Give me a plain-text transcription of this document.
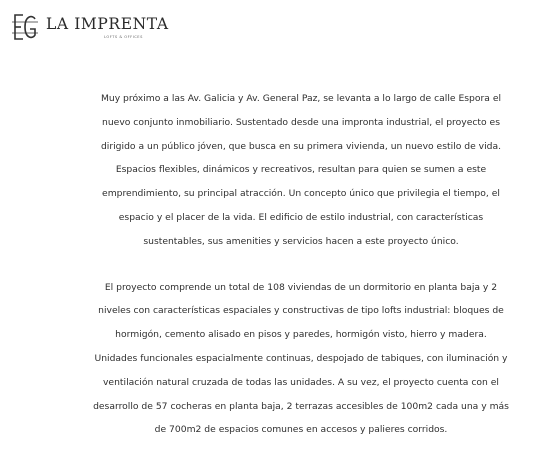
LA IMPRENTA
LOFTS & OFFICES

Muy próximo a las Av. Galicia y Av. General Paz, se levanta a lo largo de calle Espora el nuevo conjunto inmobiliario. Sustentado desde una impronta industrial, el proyecto es dirigido a un público jóven, que busca en su primera vivienda, un nuevo estilo de vida.

Espacios flexibles, dinámicos y recreativos, resultan para quien se sumen a este emprendimiento, su principal atracción. Un concepto único que privilegia el tiempo, el espacio y el placer de la vida. El edificio de estilo industrial, con características sustentables, sus amenities y servicios hacen a este proyecto único.

El proyecto comprende un total de 108 viviendas de un dormitorio en planta baja y 2 niveles con características espaciales y constructivas de tipo lofts industrial: bloques de hormigón, cemento alisado en pisos y paredes, hormigón visto, hierro y madera.

Unidades funcionales espacialmente continuas, despojado de tabiques, con iluminación y ventilación natural cruzada de todas las unidades. A su vez, el proyecto cuenta con el desarrollo de 57 cocheras en planta baja, 2 terrazas accesibles de 100m2 cada una y más de 700m2 de espacios comunes en accesos y palieres corridos.
